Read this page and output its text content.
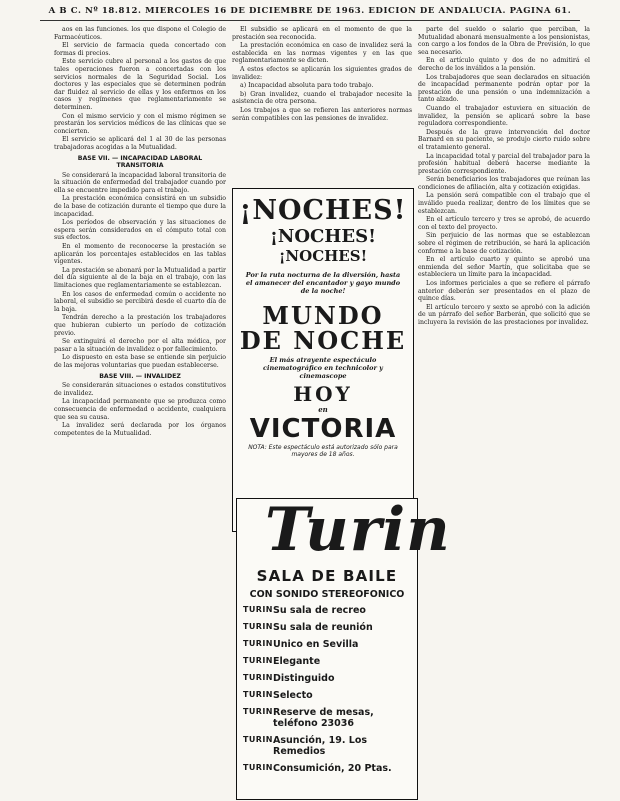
A B C. Nº 18.812. MIERCOLES 16 DE DICIEMBRE DE 1963. EDICION DE ANDALUCIA. PAGINA 61.

aos en las funciones. los que dispone el Colegio de Farmacéuticos.

El servicio de farmacia queda concertado con formas di precios.

Este servicio cubre al personal a los gastos de que tales operaciones fueron a concertadas con los servicios normales de la Seguridad Social. Los doctores y las especiales que se determinen podrán dar fluidez al servicio de ellas y los enfermos en los casos y regímenes que reglamentariamente se determinen.

Con el mismo servicio y con el mismo régimen se prestarán los servicios médicos de las clínicas que se concierten.

El servicio se aplicará del 1 al 30 de las personas trabajadoras acogidas a la Mutualidad.

BASE VII. — INCAPACIDAD LABORAL TRANSITORIA

Se considerará la incapacidad laboral transitoria de la situación de enfermedad del trabajador cuando por ella se encuentre impedido para el trabajo.

La prestación económica consistirá en un subsidio de la base de cotización durante el tiempo que dure la incapacidad.

Los períodos de observación y las situaciones de espera serán considerados en el cómputo total con sus efectos.

En el momento de reconocerse la prestación se aplicarán los porcentajes establecidos en las tablas vigentes.

La prestación se abonará por la Mutualidad a partir del día siguiente al de la baja en el trabajo, con las limitaciones que reglamentariamente se establezcan.

En los casos de enfermedad común o accidente no laboral, el subsidio se percibirá desde el cuarto día de la baja.

Tendrán derecho a la prestación los trabajadores que hubieran cubierto un período de cotización previo.

Se extinguirá el derecho por el alta médica, por pasar a la situación de invalidez o por fallecimiento.

Lo dispuesto en esta base se entiende sin perjuicio de las mejoras voluntarias que puedan establecerse.

BASE VIII. — INVALIDEZ

Se considerarán situaciones o estados constitutivos de invalidez.

La incapacidad permanente que se produzca como consecuencia de enfermedad o accidente, cualquiera que sea su causa.

La invalidez será declarada por los órganos competentes de la Mutualidad.

El subsidio se aplicará en el momento de que la prestación sea reconocida.

La prestación económica en caso de invalidez será la establecida en las normas vigentes y en las que reglamentariamente se dicten.

A estos efectos se aplicarán los siguientes grados de invalidez:

a) Incapacidad absoluta para todo trabajo.

b) Gran invalidez, cuando el trabajador necesite la asistencia de otra persona.

Los trabajos a que se refieren las anteriores normas serán compatibles con las pensiones de invalidez.

¡NOCHES!
¡NOCHES!
¡NOCHES!
Por la ruta nocturna de la diversión, hasta el amanecer del encantador y gayo mundo de la noche!
MUNDO
DE NOCHE
El más atrayente espectáculo cinematográfico en technicolor y cinemascope
HOY
en
VICTORIA
NOTA: Este espectáculo está autorizado sólo para mayores de 18 años.
Turin
SALA DE BAILE
CON SONIDO STEREOFONICO
TURIN Su sala de recreo
TURIN Su sala de reunión
TURIN Unico en Sevilla
TURIN Elegante
TURIN Distinguido
TURIN Selecto
TURIN Reserve de mesas, teléfono 23036
TURIN Asunción, 19. Los Remedios
TURIN Consumición, 20 Ptas.

parte del sueldo o salario que perciban, la Mutualidad abonará mensualmente a los pensionistas, con cargo a los fondos de la Obra de Previsión, lo que sea necesario.

En el artículo quinto y dos de no admitirá el derecho de los inválidos a la pensión.

Los trabajadores que sean declarados en situación de incapacidad permanente podrán optar por la prestación de una pensión o una indemnización a tanto alzado.

Cuando el trabajador estuviera en situación de invalidez, la pensión se aplicará sobre la base reguladora correspondiente.

Después de la grave intervención del doctor Barnard en su paciente, se produjo cierto ruido sobre el tratamiento general.

La incapacidad total y parcial del trabajador para la profesión habitual deberá hacerse mediante la prestación correspondiente.

Serán beneficiarios los trabajadores que reúnan las condiciones de afiliación, alta y cotización exigidas.

La pensión será compatible con el trabajo que el inválido pueda realizar, dentro de los límites que se establezcan.

En el artículo tercero y tres se aprobó, de acuerdo con el texto del proyecto.

Sin perjuicio de las normas que se establezcan sobre el régimen de retribución, se hará la aplicación conforme a la base de cotización.

En el artículo cuarto y quinto se aprobó una enmienda del señor Martín, que solicitaba que se estableciera un límite para la incapacidad.

Los informes periciales a que se refiere el párrafo anterior deberán ser presentados en el plazo de quince días.

El artículo tercero y sexto se aprobó con la adición de un párrafo del señor Barberán, que solicitó que se incluyera la revisión de las prestaciones por invalidez.
